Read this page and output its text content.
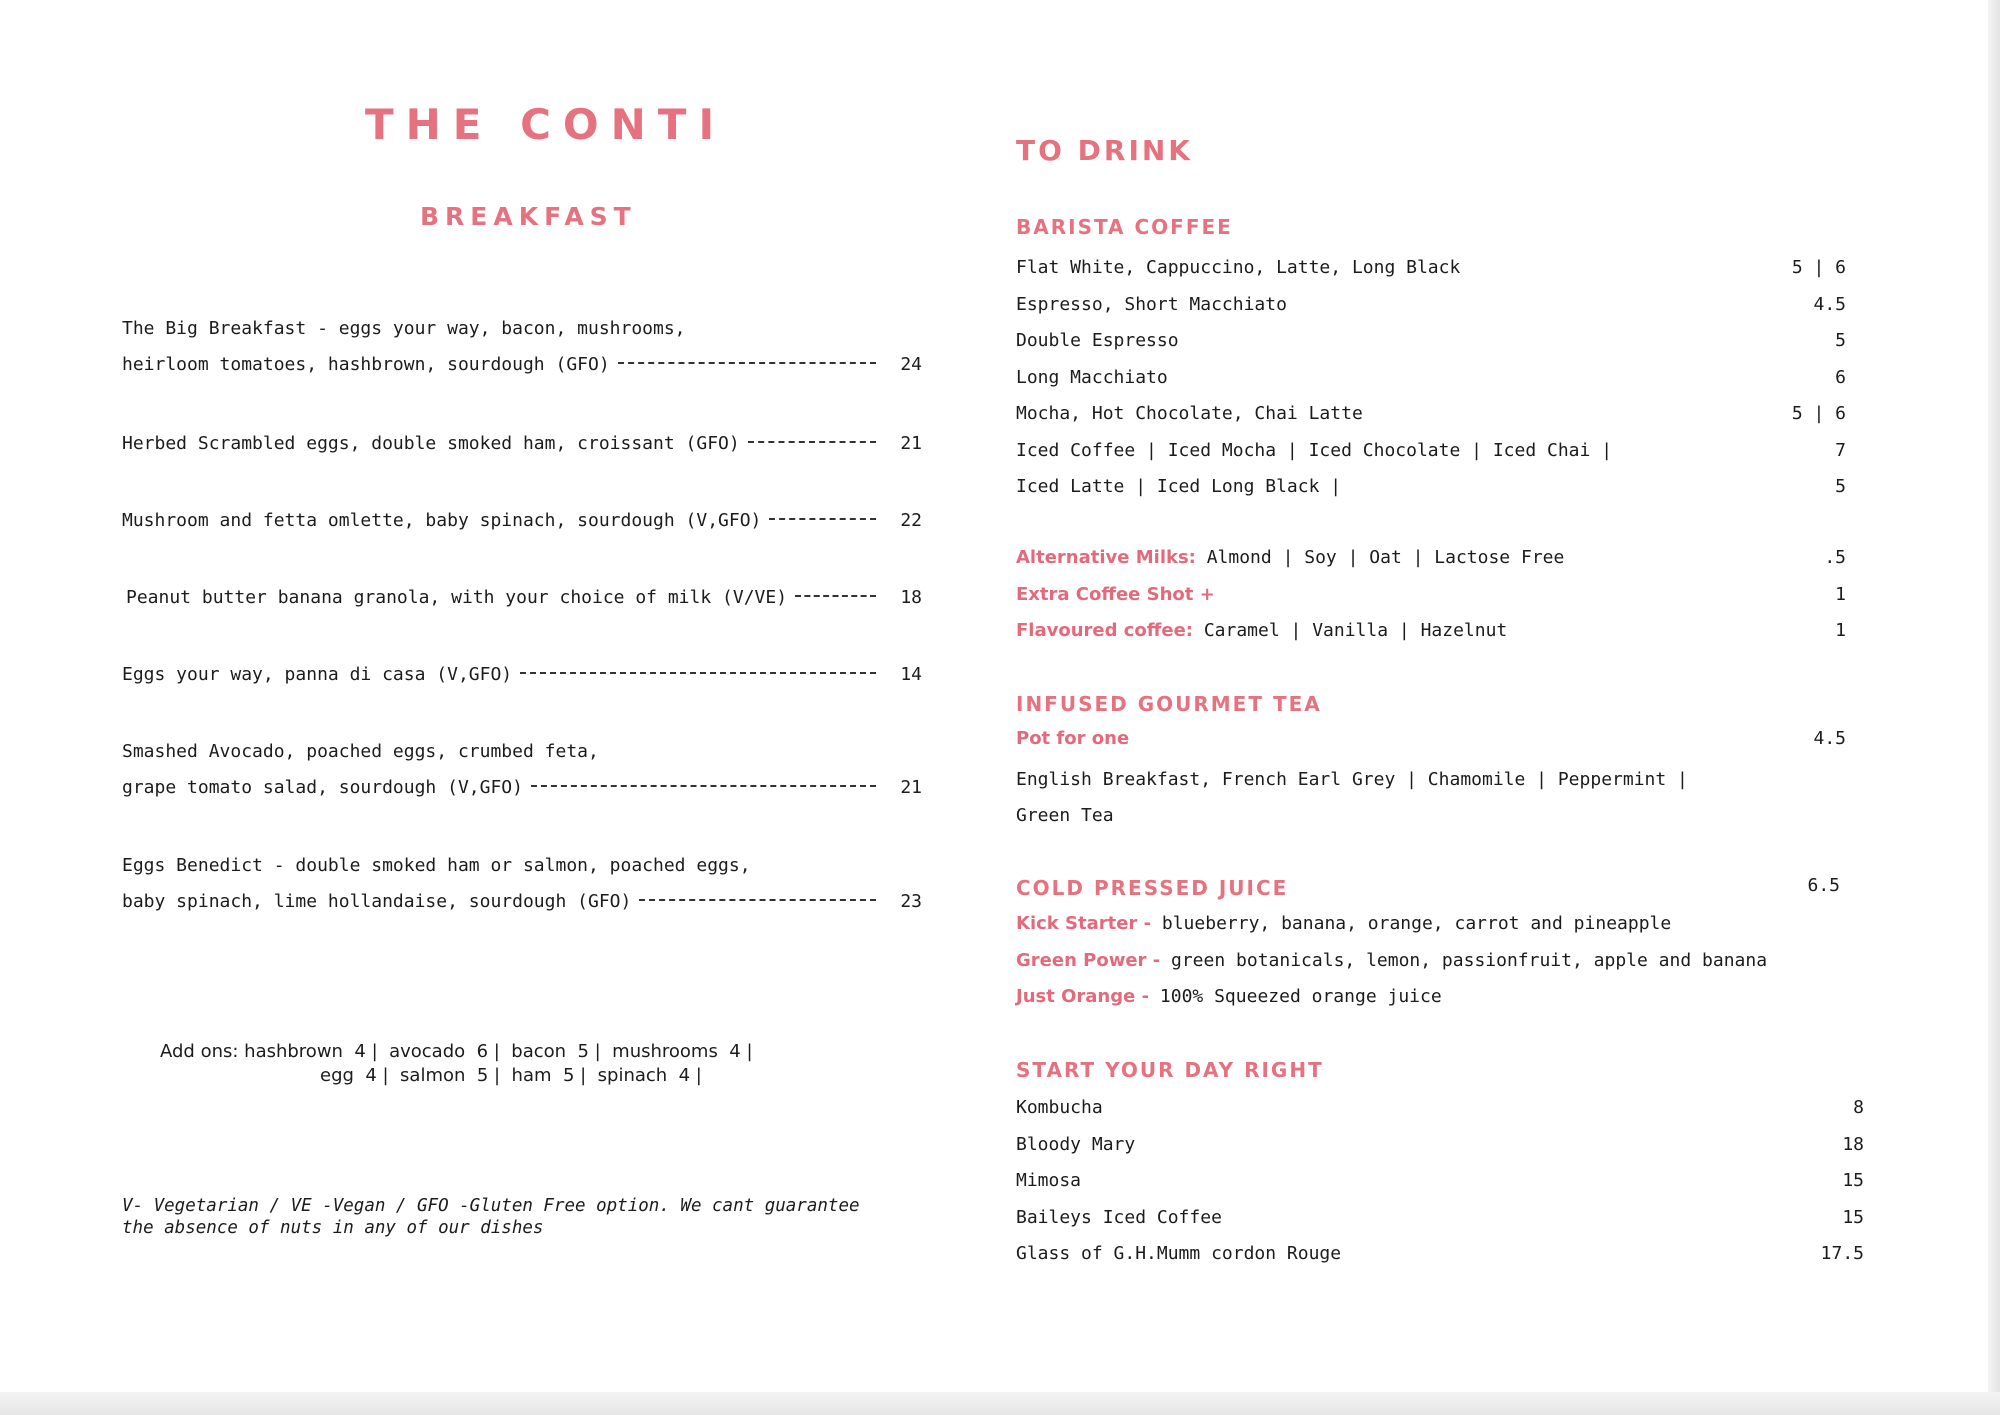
THE CONTI
BREAKFAST
The Big Breakfast - eggs your way, bacon, mushrooms,
heirloom tomatoes, hashbrown, sourdough (GFO)	24
Herbed Scrambled eggs, double smoked ham, croissant (GFO)	21
Mushroom and fetta omlette, baby spinach, sourdough (V,GFO)	22
Peanut butter banana granola, with your choice of milk (V/VE)	18
Eggs your way, panna di casa (V,GFO)	14
Smashed Avocado, poached eggs, crumbed feta,
grape tomato salad, sourdough (V,GFO)	21
Eggs Benedict - double smoked ham or salmon, poached eggs,
baby spinach, lime hollandaise, sourdough (GFO)	23
Add ons: hashbrown  4 |  avocado  6 |  bacon  5 |  mushrooms  4 |
egg  4 |  salmon  5 |  ham  5 |  spinach  4 |
V- Vegetarian / VE -Vegan / GFO -Gluten Free option. We cant guarantee
the absence of nuts in any of our dishes
TO DRINK
BARISTA COFFEE
Flat White, Cappuccino, Latte, Long Black	5 | 6
Espresso, Short Macchiato	4.5
Double Espresso	5
Long Macchiato	6
Mocha, Hot Chocolate, Chai Latte	5 | 6
Iced Coffee | Iced Mocha | Iced Chocolate | Iced Chai |	7
Iced Latte | Iced Long Black |	5
Alternative Milks: Almond | Soy | Oat | Lactose Free	.5
Extra Coffee Shot +	1
Flavoured coffee: Caramel | Vanilla | Hazelnut	1
INFUSED GOURMET TEA
Pot for one	4.5
English Breakfast, French Earl Grey | Chamomile | Peppermint |
Green Tea
COLD PRESSED JUICE	6.5
Kick Starter - blueberry, banana, orange, carrot and pineapple
Green Power - green botanicals, lemon, passionfruit, apple and banana
Just Orange - 100% Squeezed orange juice
START YOUR DAY RIGHT
Kombucha	8
Bloody Mary	18
Mimosa	15
Baileys Iced Coffee	15
Glass of G.H.Mumm cordon Rouge	17.5
